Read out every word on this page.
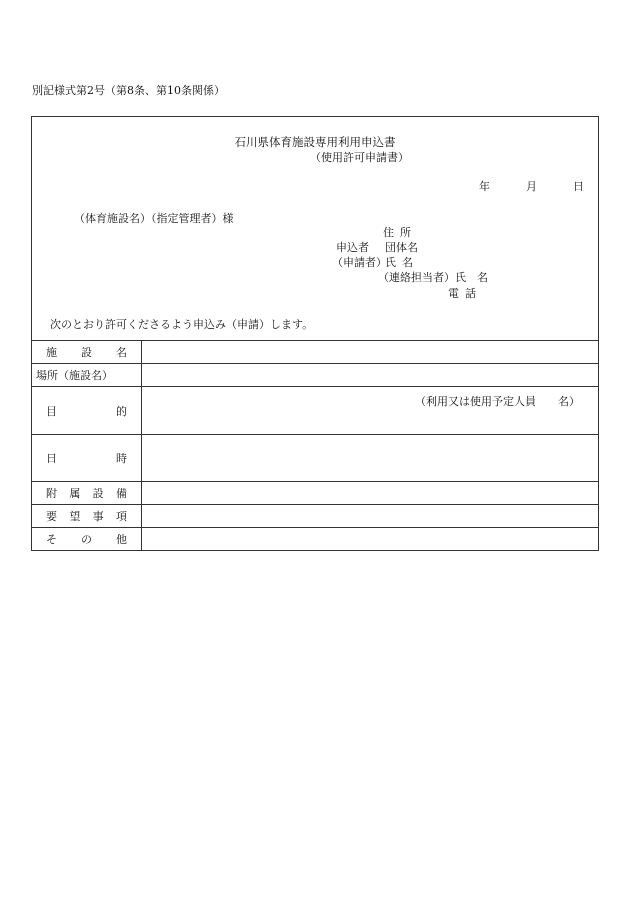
別記様式第2号（第8条、第10条関係）
石川県体育施設専用利用申込書
（使用許可申請書）
年	月	日
（体育施設名）（指定管理者）様
住所
申込者 団体名
（申請者）
氏名
（連絡担当者） 氏　名
電話
次のとおり許可くださるよう申込み（申請）します。
施 設 名	

場所（施設名）	

目 的	（利用又は使用予定人員　　名）

日 時	

附 属 設 備	

要 望 事 項	

そ の 他	
